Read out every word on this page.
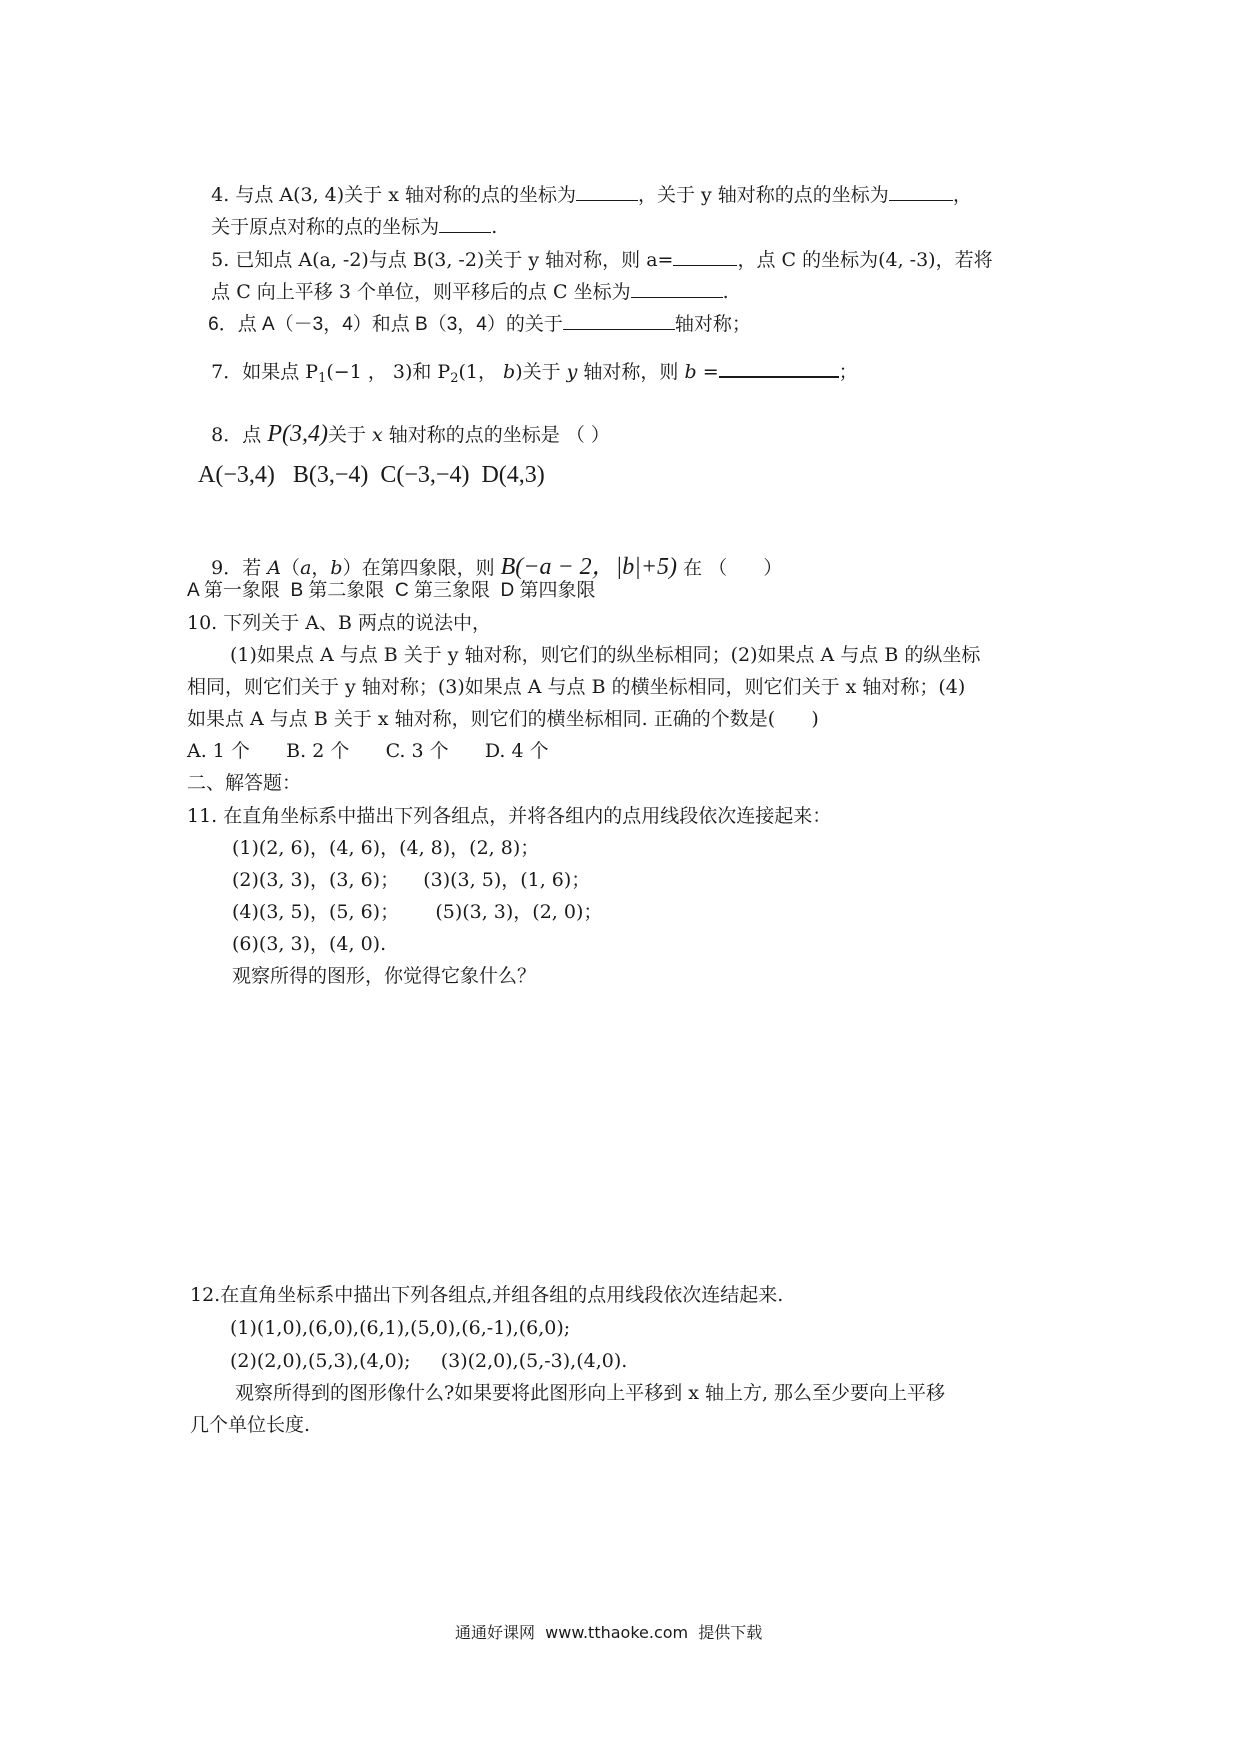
4. 与点 A(3, 4)关于 x 轴对称的点的坐标为	，关于 y 轴对称的点的坐标为	，

关于原点对称的点的坐标为	.

5. 已知点 A(a, -2)与点 B(3, -2)关于 y 轴对称，则 a=	，点 C 的坐标为(4, -3)，若将

点 C 向上平移 3 个单位，则平移后的点 C 坐标为	.

6．点 A（－3，4）和点 B（3，4）的关于	轴对称；

7．如果点 $P_1(-1$ ， 3)和 $P_2(1$， b)关于 y 轴对称，则 b =	；

8．点 P(3,4)关于 x 轴对称的点的坐标是 （ ）

A(−3,4)   B(3,−4)  C(−3,−4)  D(4,3)

9．若 A（a，b）在第四象限，则 B(−a − 2，|b|+5) 在 （      ）

A 第一象限  B 第二象限  C 第三象限  D 第四象限
10. 下列关于 A、B 两点的说法中，
(1)如果点 A 与点 B 关于 y 轴对称，则它们的纵坐标相同；(2)如果点 A 与点 B 的纵坐标
相同，则它们关于 y 轴对称；(3)如果点 A 与点 B 的横坐标相同，则它们关于 x 轴对称；(4)
如果点 A 与点 B 关于 x 轴对称，则它们的横坐标相同. 正确的个数是(      )
A. 1 个      B. 2 个      C. 3 个      D. 4 个
二、解答题：
11. 在直角坐标系中描出下列各组点，并将各组内的点用线段依次连接起来：
(1)(2, 6)，(4, 6)，(4, 8)，(2, 8)；
(2)(3, 3)，(3, 6)；    (3)(3, 5)，(1, 6)；
(4)(3, 5)，(5, 6)；      (5)(3, 3)，(2, 0)；
(6)(3, 3)，(4, 0).
观察所得的图形，你觉得它象什么？
12.在直角坐标系中描出下列各组点,并组各组的点用线段依次连结起来.
(1)(1,0),(6,0),(6,1),(5,0),(6,-1),(6,0);
(2)(2,0),(5,3),(4,0);     (3)(2,0),(5,-3),(4,0).
观察所得到的图形像什么?如果要将此图形向上平移到 x 轴上方, 那么至少要向上平移
几个单位长度.
通通好课网  www.tthaoke.com  提供下载
